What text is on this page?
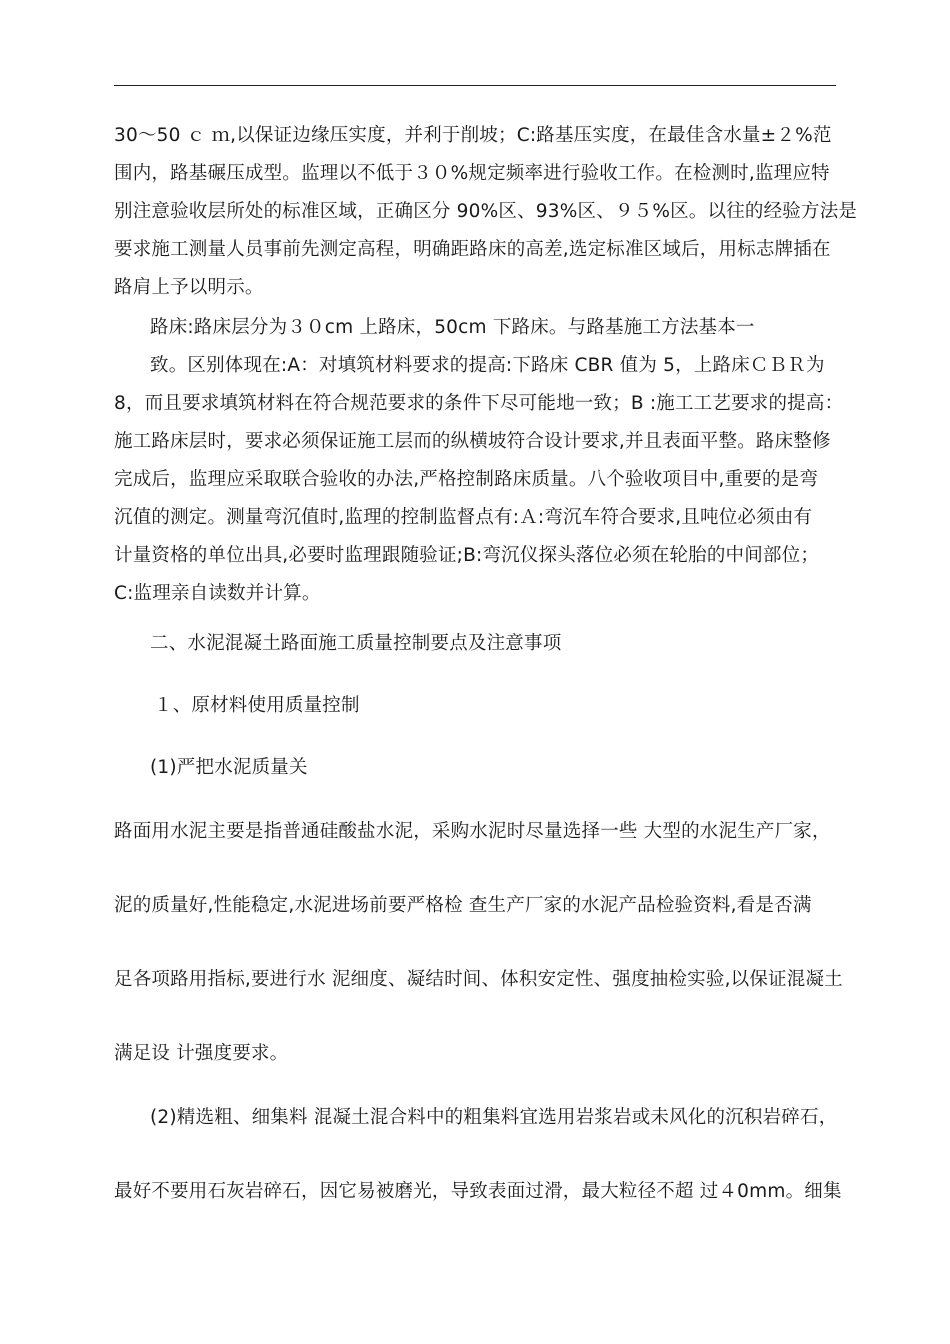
30～50 ｃ ｍ,以保证边缘压实度，并利于削坡；C:路基压实度，在最佳含水量±２%范
围内，路基碾压成型。监理以不低于３０%规定频率进行验收工作。在检测时,监理应特
别注意验收层所处的标准区域，正确区分 90%区、93%区、９５%区。以往的经验方法是
要求施工测量人员事前先测定高程，明确距路床的高差,选定标准区域后，用标志牌插在
路肩上予以明示。
路床:路床层分为３０cm 上路床，50cm 下路床。与路基施工方法基本一
致。区别体现在:A：对填筑材料要求的提高:下路床 CBR 值为 5，上路床ＣＢＲ为
8，而且要求填筑材料在符合规范要求的条件下尽可能地一致；B :施工工艺要求的提高：
施工路床层时，要求必须保证施工层而的纵横坡符合设计要求,并且表面平整。路床整修
完成后，监理应采取联合验收的办法,严格控制路床质量。八个验收项目中,重要的是弯
沉值的测定。测量弯沉值时,监理的控制监督点有:Ａ:弯沉车符合要求,且吨位必须由有
计量资格的单位出具,必要时监理跟随验证;B:弯沉仪探头落位必须在轮胎的中间部位；
C:监理亲自读数并计算。
二、水泥混凝土路面施工质量控制要点及注意事项
１、原材料使用质量控制
(1)严把水泥质量关
路面用水泥主要是指普通硅酸盐水泥，采购水泥时尽量选择一些 大型的水泥生产厂家，
泥的质量好,性能稳定,水泥进场前要严格检 查生产厂家的水泥产品检验资料,看是否满
足各项路用指标,要进行水 泥细度、凝结时间、体积安定性、强度抽检实验,以保证混凝土
满足设 计强度要求。
(2)精选粗、细集料 混凝土混合料中的粗集料宜选用岩浆岩或未风化的沉积岩碎石，
最好不要用石灰岩碎石，因它易被磨光，导致表面过滑，最大粒径不超 过４0mm。细集
